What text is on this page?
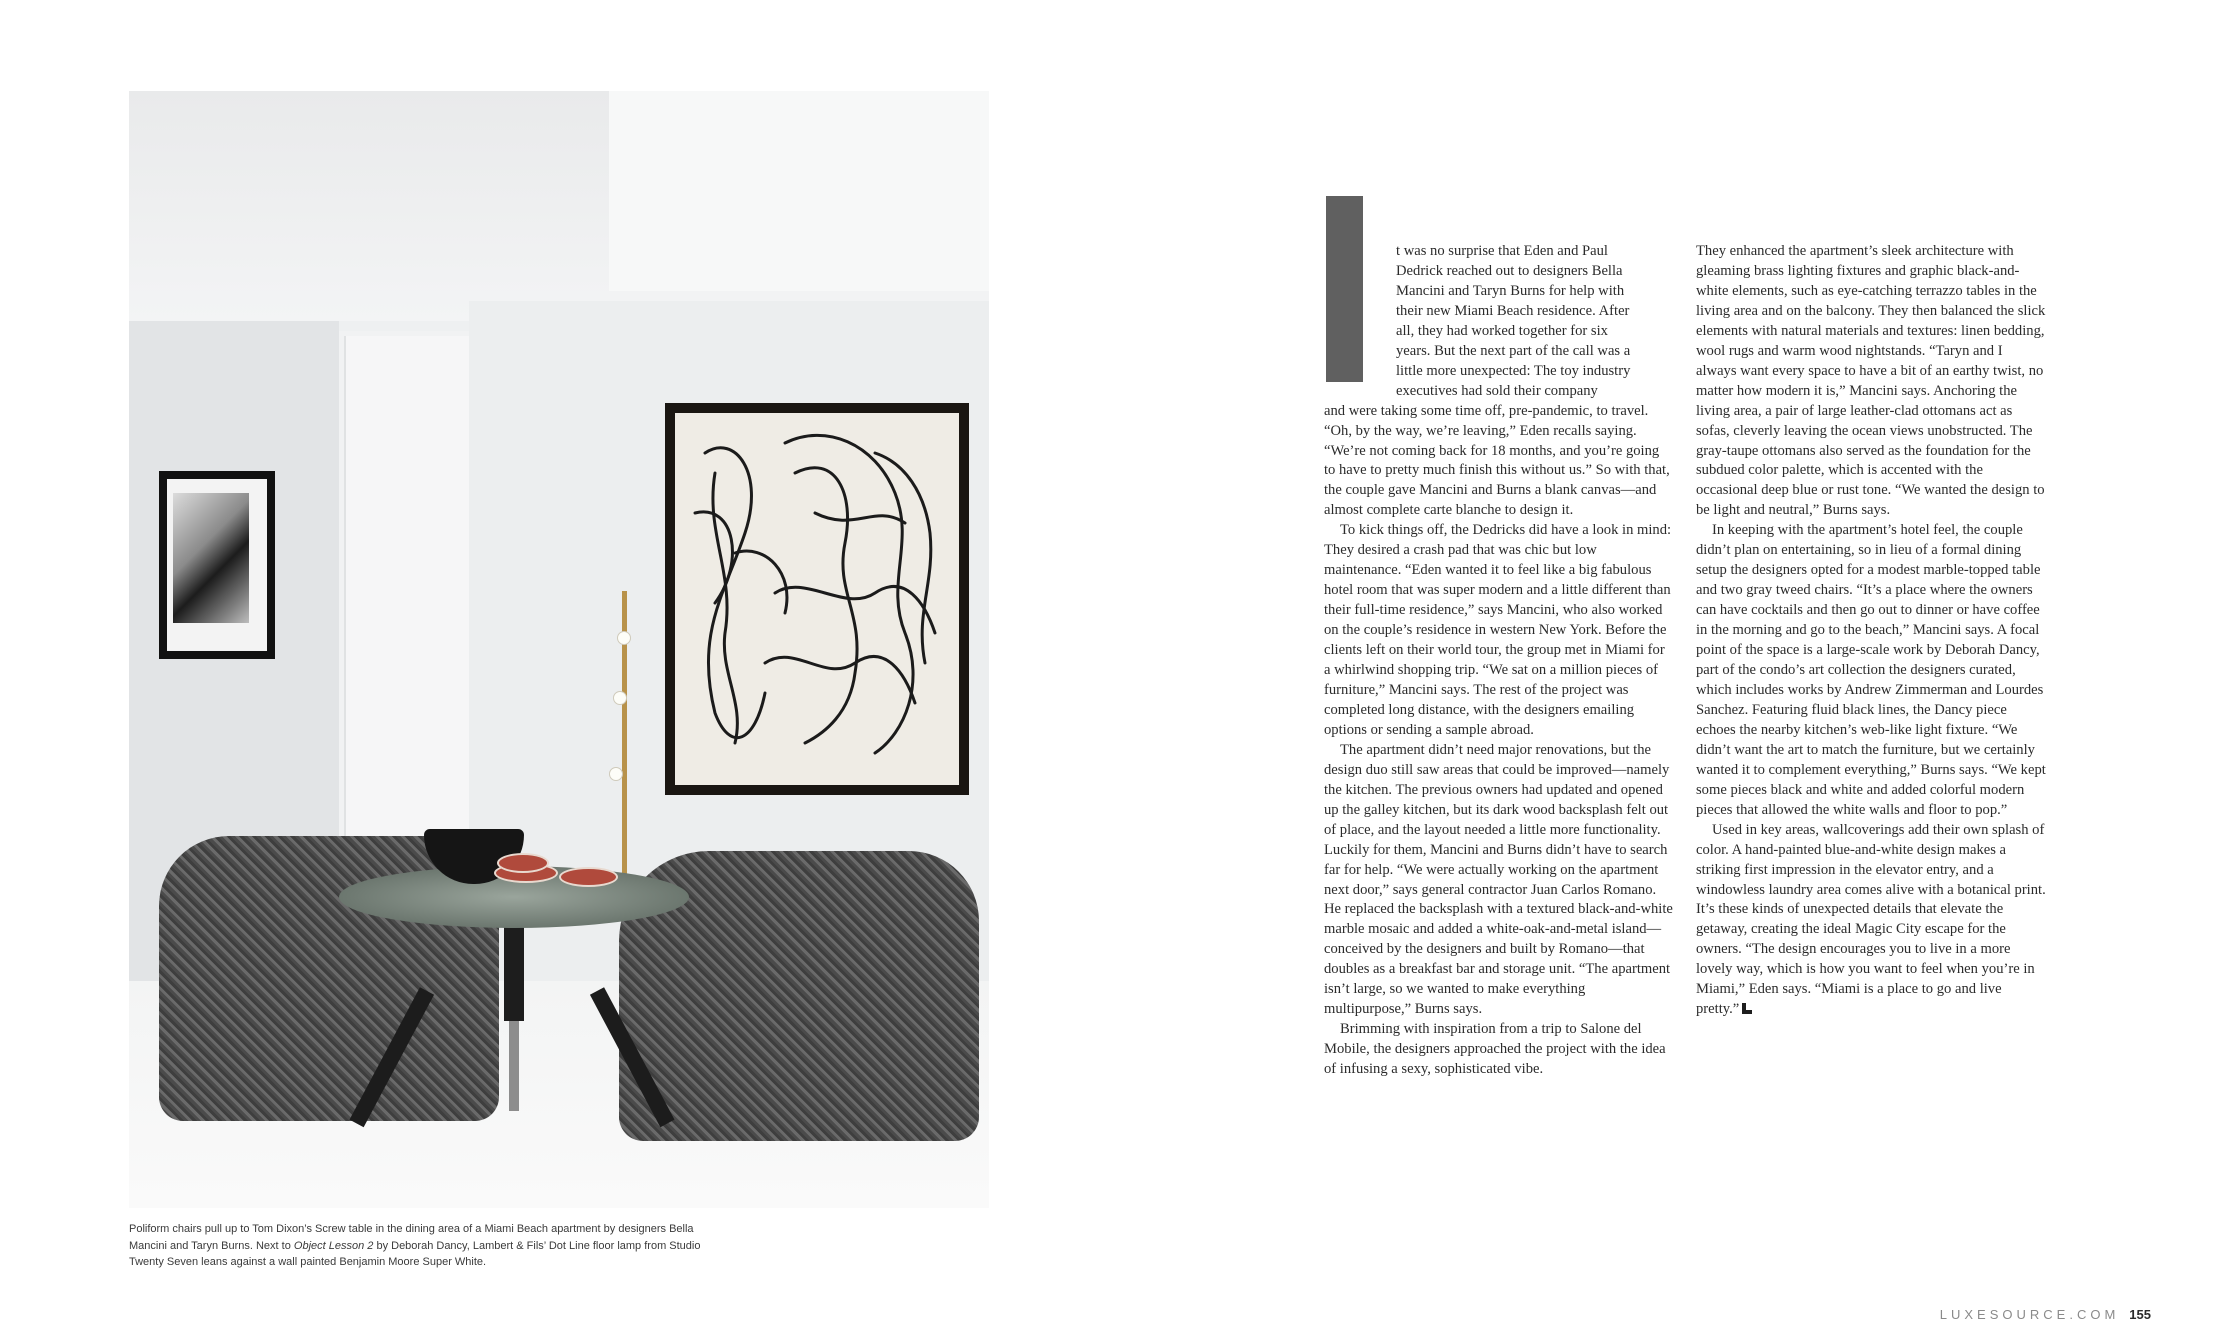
Poliform chairs pull up to Tom Dixon’s Screw table in the dining area of a Miami Beach apartment by designers Bella Mancini and Taryn Burns. Next to Object Lesson 2 by Deborah Dancy, Lambert & Fils’ Dot Line floor lamp from Studio Twenty Seven leans against a wall painted Benjamin Moore Super White.

t was no surprise that Eden and Paul
Dedrick reached out to designers Bella
Mancini and Taryn Burns for help with
their new Miami Beach residence. After
all, they had worked together for six
years. But the next part of the call was a
little more unexpected: The toy industry
executives had sold their company
and were taking some time off, pre-pandemic, to travel. “Oh, by the way, we’re leaving,” Eden recalls saying. “We’re not coming back for 18 months, and you’re going to have to pretty much finish this without us.” So with that, the couple gave Mancini and Burns a blank canvas—and almost complete carte blanche to design it.

To kick things off, the Dedricks did have a look in mind: They desired a crash pad that was chic but low maintenance. “Eden wanted it to feel like a big fabulous hotel room that was super modern and a little different than their full-time residence,” says Mancini, who also worked on the couple’s residence in western New York. Before the clients left on their world tour, the group met in Miami for a whirlwind shopping trip. “We sat on a million pieces of furniture,” Mancini says. The rest of the project was completed long distance, with the designers emailing options or sending a sample abroad.

The apartment didn’t need major renovations, but the design duo still saw areas that could be improved—namely the kitchen. The previous owners had updated and opened up the galley kitchen, but its dark wood backsplash felt out of place, and the layout needed a little more functionality. Luckily for them, Mancini and Burns didn’t have to search far for help. “We were actually working on the apartment next door,” says general contractor Juan Carlos Romano. He replaced the backsplash with a textured black-and-white marble mosaic and added a white-oak-and-metal island—conceived by the designers and built by Romano—that doubles as a breakfast bar and storage unit. “The apartment isn’t large, so we wanted to make everything multipurpose,” Burns says.

Brimming with inspiration from a trip to Salone del Mobile, the designers approached the project with the idea of infusing a sexy, sophisticated vibe.

They enhanced the apartment’s sleek architecture with gleaming brass lighting fixtures and graphic black-and-white elements, such as eye-catching terrazzo tables in the living area and on the balcony. They then balanced the slick elements with natural materials and textures: linen bedding, wool rugs and warm wood nightstands. “Taryn and I always want every space to have a bit of an earthy twist, no matter how modern it is,” Mancini says. Anchoring the living area, a pair of large leather-clad ottomans act as sofas, cleverly leaving the ocean views unobstructed. The gray-taupe ottomans also served as the foundation for the subdued color palette, which is accented with the occasional deep blue or rust tone. “We wanted the design to be light and neutral,” Burns says.

In keeping with the apartment’s hotel feel, the couple didn’t plan on entertaining, so in lieu of a formal dining setup the designers opted for a modest marble-topped table and two gray tweed chairs. “It’s a place where the owners can have cocktails and then go out to dinner or have coffee in the morning and go to the beach,” Mancini says. A focal point of the space is a large-scale work by Deborah Dancy, part of the condo’s art collection the designers curated, which includes works by Andrew Zimmerman and Lourdes Sanchez. Featuring fluid black lines, the Dancy piece echoes the nearby kitchen’s web-like light fixture. “We didn’t want the art to match the furniture, but we certainly wanted it to complement everything,” Burns says. “We kept some pieces black and white and added colorful modern pieces that allowed the white walls and floor to pop.”

Used in key areas, wallcoverings add their own splash of color. A hand-painted blue-and-white design makes a striking first impression in the elevator entry, and a windowless laundry area comes alive with a botanical print. It’s these kinds of unexpected details that elevate the getaway, creating the ideal Magic City escape for the owners. “The design encourages you to live in a more lovely way, which is how you want to feel when you’re in Miami,” Eden says. “Miami is a place to go and live pretty.”

LUXESOURCE.COM 155
